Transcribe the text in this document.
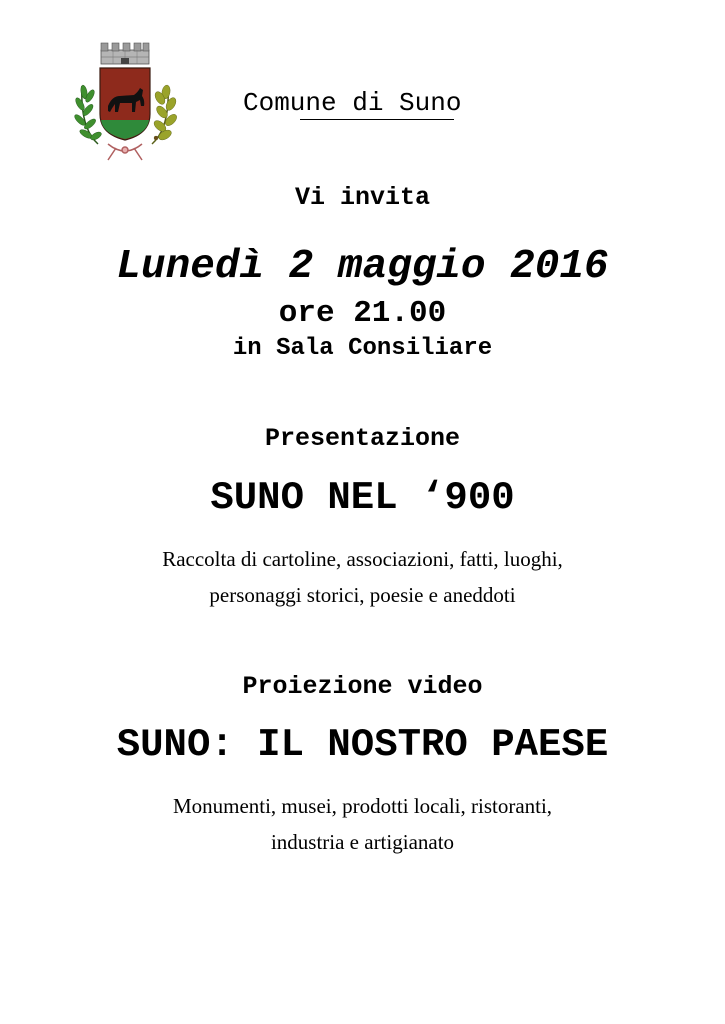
Comune di Suno
Vi invita
Lunedì 2 maggio 2016
ore 21.00
in Sala Consiliare
Presentazione
SUNO NEL ‘900
Raccolta di cartoline, associazioni, fatti, luoghi,
personaggi storici, poesie e aneddoti
Proiezione video
SUNO: IL NOSTRO PAESE
Monumenti, musei, prodotti locali, ristoranti,
industria e artigianato
